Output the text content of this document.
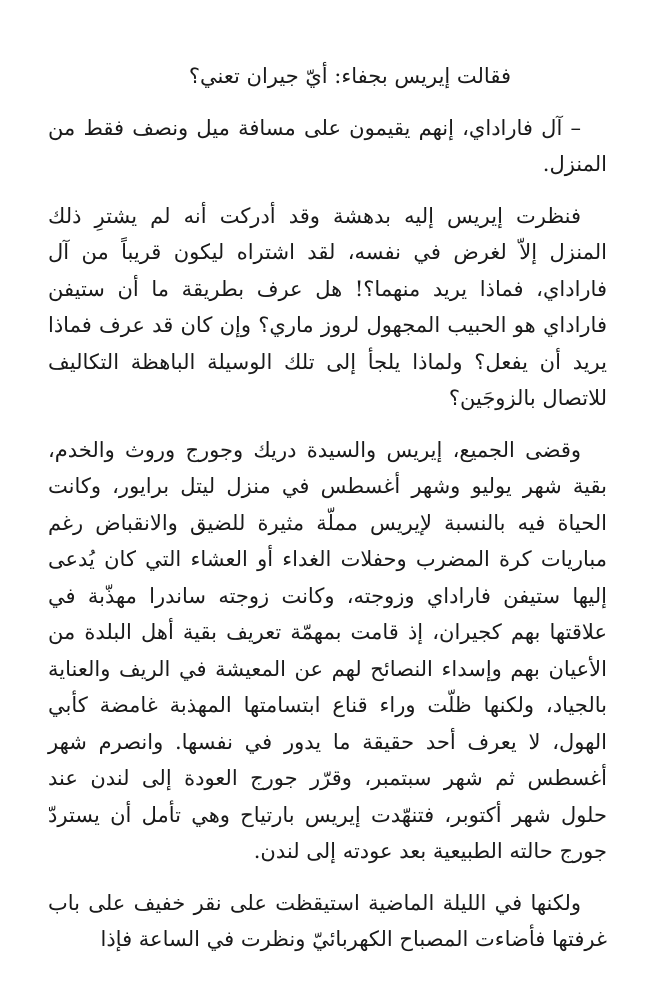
فقالت إيريس بجفاء: أيّ جيران تعني؟

– آل فاراداي، إنهم يقيمون على مسافة ميل ونصف فقط من المنزل.

فنظرت إيريس إليه بدهشة وقد أدركت أنه لم يشترِ ذلك المنزل إلاّ لغرض في نفسه، لقد اشتراه ليكون قريباً من آل فاراداي، فماذا يريد منهما؟! هل عرف بطريقة ما أن ستيفن فاراداي هو الحبيب المجهول لروز ماري؟ وإن كان قد عرف فماذا يريد أن يفعل؟ ولماذا يلجأ إلى تلك الوسيلة الباهظة التكاليف للاتصال بالزوجَين؟

وقضى الجميع، إيريس والسيدة دريك وجورج وروث والخدم، بقية شهر يوليو وشهر أغسطس في منزل ليتل برايور، وكانت الحياة فيه بالنسبة لإيريس مملّة مثيرة للضيق والانقباض رغم مباريات كرة المضرب وحفلات الغداء أو العشاء التي كان يُدعى إليها ستيفن فاراداي وزوجته، وكانت زوجته ساندرا مهذّبة في علاقتها بهم كجيران، إذ قامت بمهمّة تعريف بقية أهل البلدة من الأعيان بهم وإسداء النصائح لهم عن المعيشة في الريف والعناية بالجياد، ولكنها ظلّت وراء قناع ابتسامتها المهذبة غامضة كأبي الهول، لا يعرف أحد حقيقة ما يدور في نفسها. وانصرم شهر أغسطس ثم شهر سبتمبر، وقرّر جورج العودة إلى لندن عند حلول شهر أكتوبر، فتنهّدت إيريس بارتياح وهي تأمل أن يستردّ جورج حالته الطبيعية بعد عودته إلى لندن.

ولكنها في الليلة الماضية استيقظت على نقر خفيف على باب غرفتها فأضاءت المصباح الكهربائيّ ونظرت في الساعة فإذا
